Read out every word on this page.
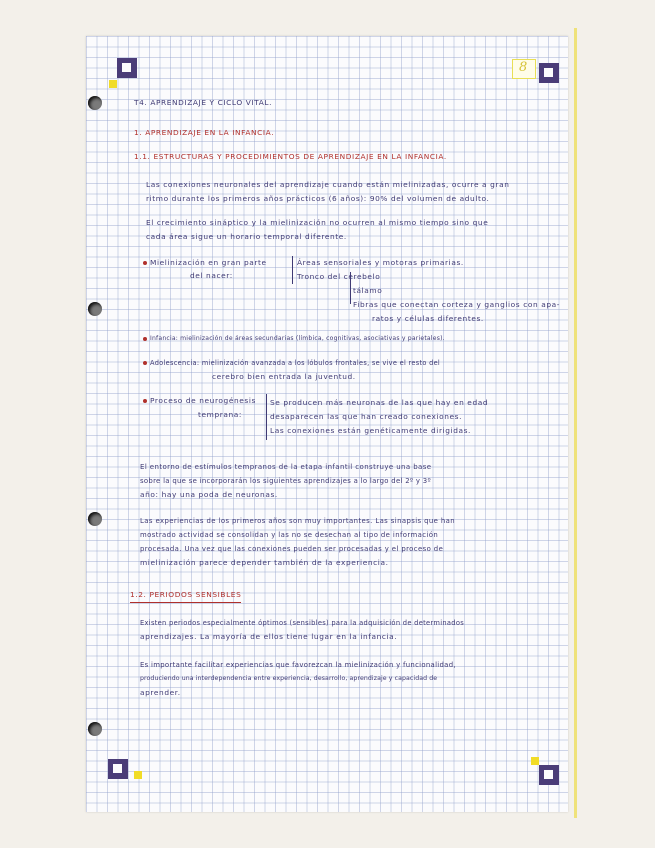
8
T4. APRENDIZAJE Y CICLO VITAL.
1. APRENDIZAJE EN LA INFANCIA.
1.1. ESTRUCTURAS Y PROCEDIMIENTOS DE APRENDIZAJE EN LA INFANCIA.
Las conexiones neuronales del aprendizaje cuando están mielinizadas, ocurre a gran
ritmo durante los primeros años prácticos (6 años): 90% del volumen de adulto.
El crecimiento sináptico y la mielinización no ocurren al mismo tiempo sino que
cada área sigue un horario temporal diferente.
Mielinización en gran parte
del nacer:
Áreas sensoriales y motoras primarias.
Tronco del cerebelo
tálamo
Fibras que conectan corteza y ganglios con apa-
ratos y células diferentes.
Infancia: mielinización de áreas secundarias (límbica, cognitivas, asociativas y parietales).
Adolescencia: mielinización avanzada a los lóbulos frontales, se vive el resto del
cerebro bien entrada la juventud.
Proceso de neurogénesis
temprana:
Se producen más neuronas de las que hay en edad
desaparecen las que han creado conexiones.
Las conexiones están genéticamente dirigidas.
El entorno de estímulos tempranos de la etapa infantil construye una base
sobre la que se incorporarán los siguientes aprendizajes a lo largo del 2º y 3º
año: hay una poda de neuronas.
Las experiencias de los primeros años son muy importantes. Las sinapsis que han
mostrado actividad se consolidan y las no se desechan al tipo de información
procesada. Una vez que las conexiones pueden ser procesadas y el proceso de
mielinización parece depender también de la experiencia.
1.2. PERIODOS SENSIBLES
Existen periodos especialmente óptimos (sensibles) para la adquisición de determinados
aprendizajes. La mayoría de ellos tiene lugar en la infancia.
Es importante facilitar experiencias que favorezcan la mielinización y funcionalidad,
produciendo una interdependencia entre experiencia, desarrollo, aprendizaje y capacidad de
aprender.
